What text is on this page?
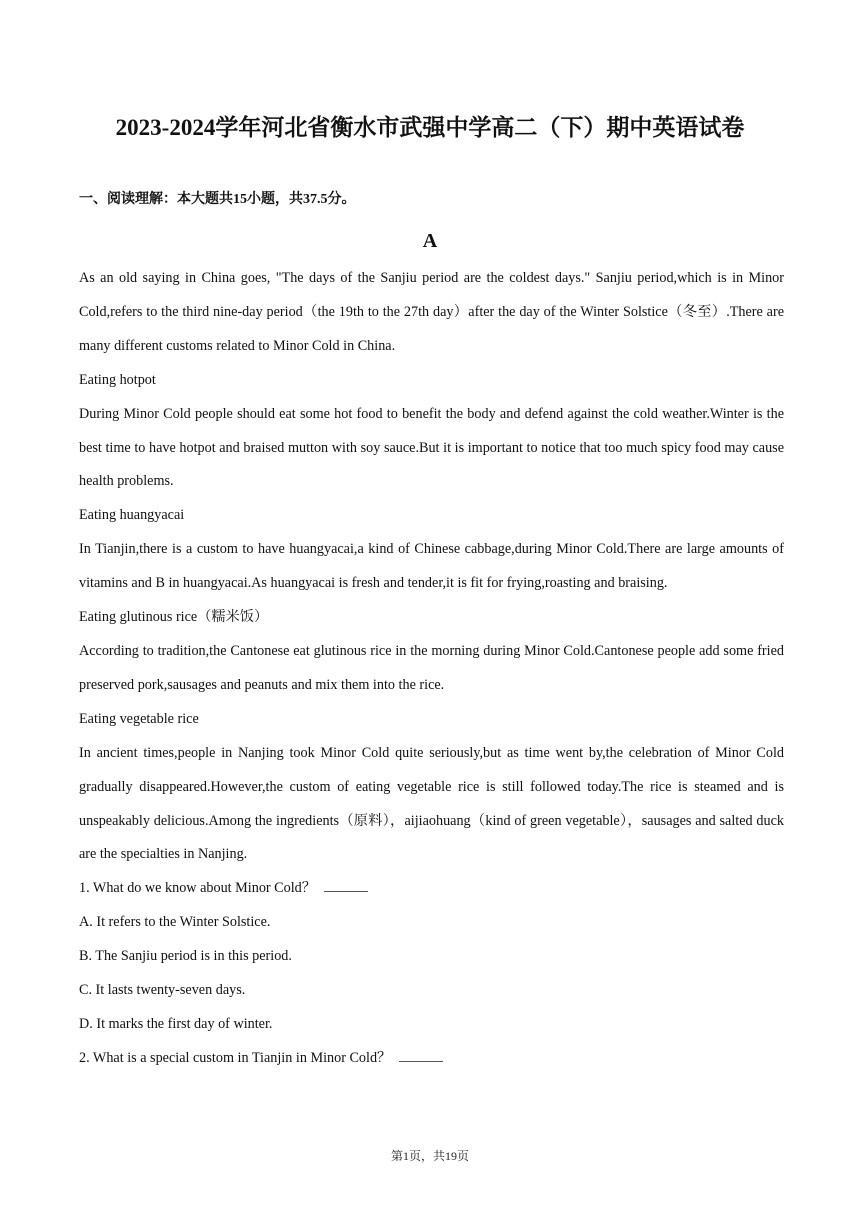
2023-2024学年河北省衡水市武强中学高二（下）期中英语试卷
一、阅读理解：本大题共15小题，共37.5分。
A

As an old saying in China goes, "The days of the Sanjiu period are the coldest days." Sanjiu period,which is in Minor Cold,refers to the third nine-day period（the 19th to the 27th day）after the day of the Winter Solstice（冬至）.There are many different customs related to Minor Cold in China.

Eating hotpot

During Minor Cold people should eat some hot food to benefit the body and defend against the cold weather.Winter is the best time to have hotpot and braised mutton with soy sauce.But it is important to notice that too much spicy food may cause health problems.

Eating huangyacai

In Tianjin,there is a custom to have huangyacai,a kind of Chinese cabbage,during Minor Cold.There are large amounts of vitamins and B in huangyacai.As huangyacai is fresh and tender,it is fit for frying,roasting and braising.

Eating glutinous rice（糯米饭）

According to tradition,the Cantonese eat glutinous rice in the morning during Minor Cold.Cantonese people add some fried preserved pork,sausages and peanuts and mix them into the rice.

Eating vegetable rice

In ancient times,people in Nanjing took Minor Cold quite seriously,but as time went by,the celebration of Minor Cold gradually disappeared.However,the custom of eating vegetable rice is still followed today.The rice is steamed and is unspeakably delicious.Among the ingredients（原料），aijiaohuang（kind of green vegetable），sausages and salted duck are the specialties in Nanjing.

1. What do we know about Minor Cold？

A. It refers to the Winter Solstice.

B. The Sanjiu period is in this period.

C. It lasts twenty-seven days.

D. It marks the first day of winter.

2. What is a special custom in Tianjin in Minor Cold？

第1页，共19页
